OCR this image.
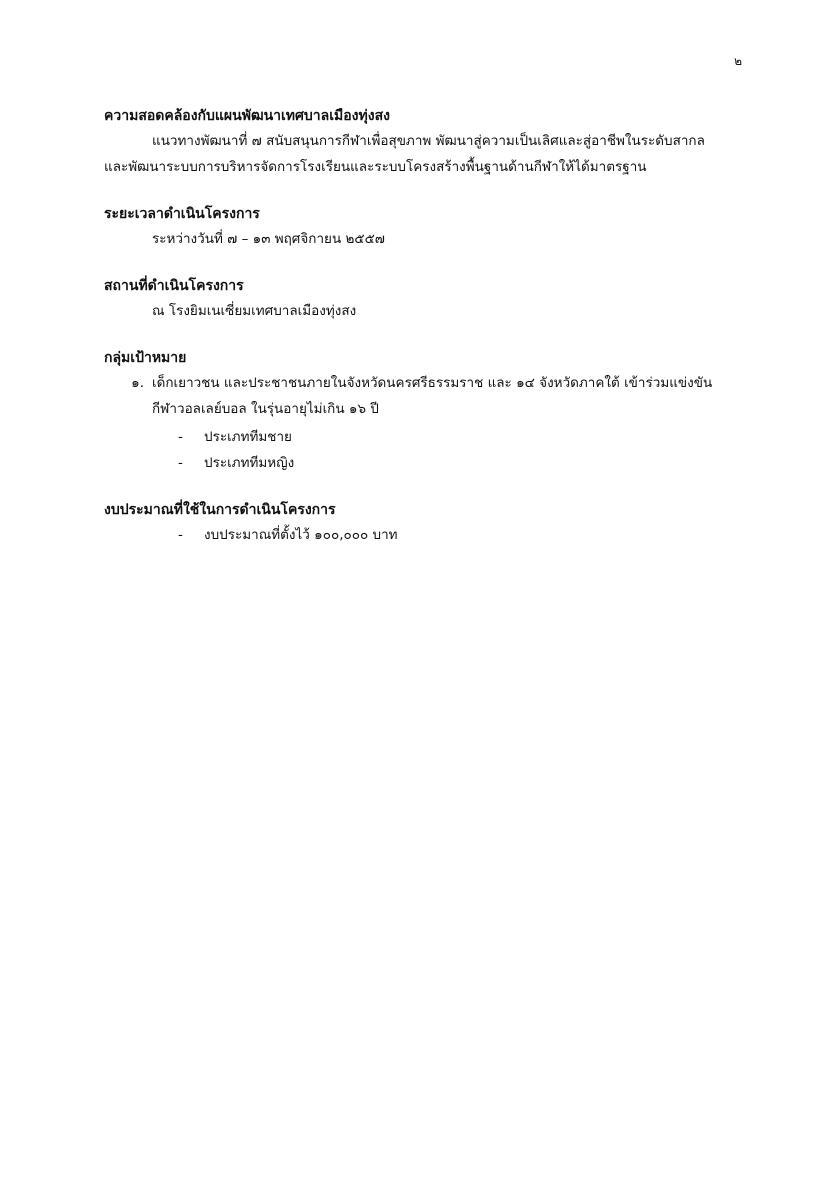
๒

ความสอดคล้องกับแผนพัฒนาเทศบาลเมืองทุ่งสง

แนวทางพัฒนาที่ ๗ สนับสนุนการกีฬาเพื่อสุขภาพ พัฒนาสู่ความเป็นเลิศและสู่อาชีพในระดับสากล

และพัฒนาระบบการบริหารจัดการโรงเรียนและระบบโครงสร้างพื้นฐานด้านกีฬาให้ได้มาตรฐาน

ระยะเวลาดำเนินโครงการ

ระหว่างวันที่ ๗ – ๑๓ พฤศจิกายน ๒๕๕๗

สถานที่ดำเนินโครงการ

ณ โรงยิมเนเซี่ยมเทศบาลเมืองทุ่งสง

กลุ่มเป้าหมาย

๑. เด็กเยาวชน และประชาชนภายในจังหวัดนครศรีธรรมราช และ ๑๔ จังหวัดภาคใต้ เข้าร่วมแข่งขัน
กีฬาวอลเลย์บอล ในรุ่นอายุไม่เกิน ๑๖ ปี
-	ประเภททีมชาย
-	ประเภททีมหญิง

งบประมาณที่ใช้ในการดำเนินโครงการ

-	งบประมาณที่ตั้งไว้ ๑๐๐,๐๐๐ บาท
